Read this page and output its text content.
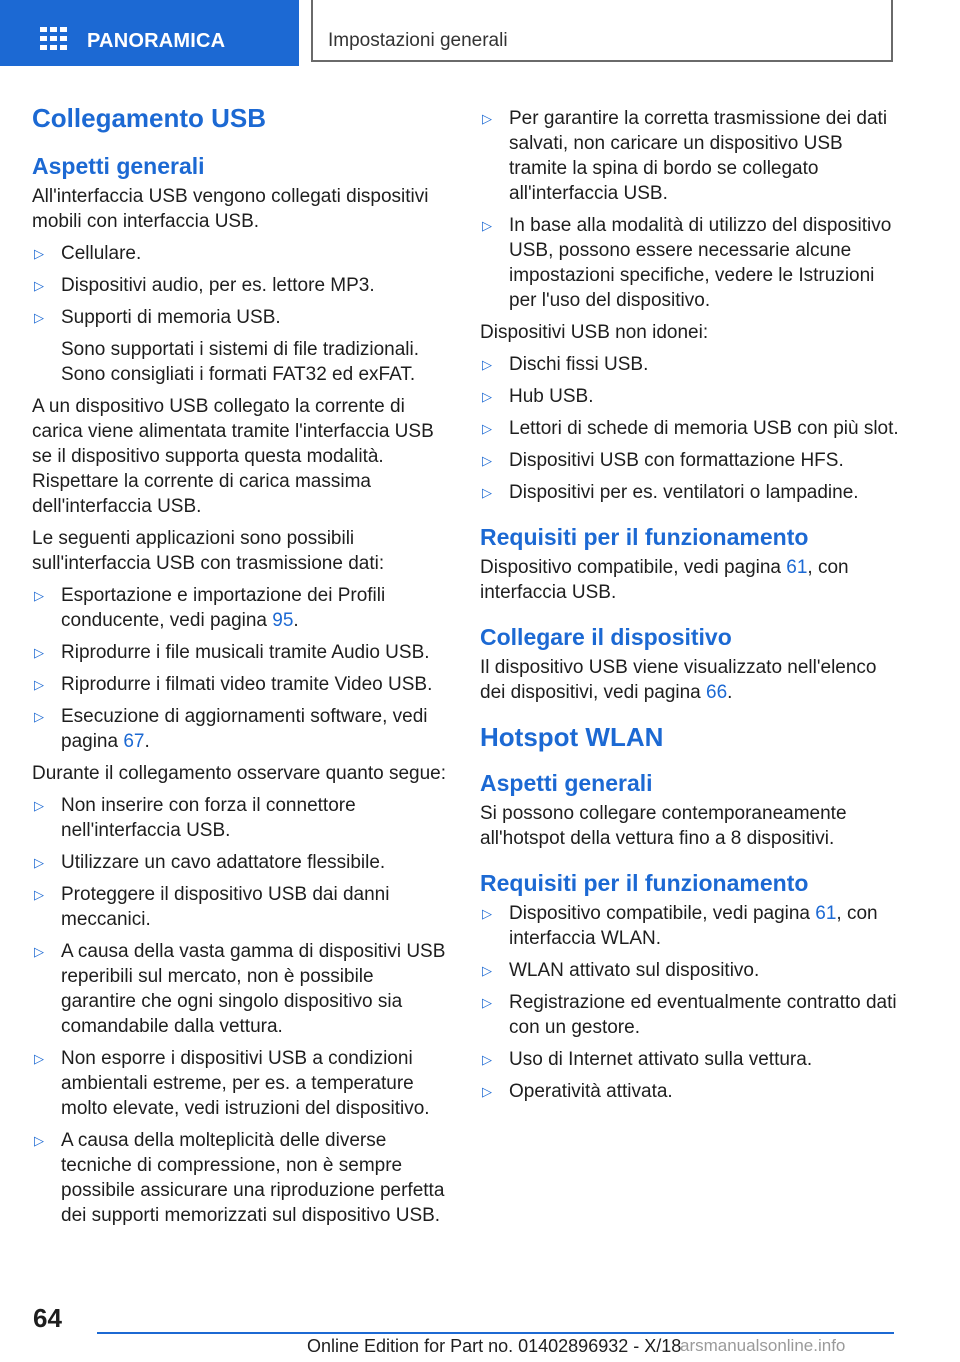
PANORAMICA	Impostazioni generali
Collegamento USB
Aspetti generali

All'interfaccia USB vengono collegati dispositivi mobili con interfaccia USB.

▷ Cellulare.
▷ Dispositivi audio, per es. lettore MP3.
▷ Supporti di memoria USB.
Sono supportati i sistemi di file tradizionali. Sono consigliati i formati FAT32 ed exFAT.

A un dispositivo USB collegato la corrente di carica viene alimentata tramite l'interfaccia USB se il dispositivo supporta questa modalità. Rispettare la corrente di carica massima dell'interfaccia USB.

Le seguenti applicazioni sono possibili sull'interfaccia USB con trasmissione dati:

▷ Esportazione e importazione dei Profili conducente, vedi pagina 95.
▷ Riprodurre i file musicali tramite Audio USB.
▷ Riprodurre i filmati video tramite Video USB.
▷ Esecuzione di aggiornamenti software, vedi pagina 67.

Durante il collegamento osservare quanto segue:

▷ Non inserire con forza il connettore nell'interfaccia USB.
▷ Utilizzare un cavo adattatore flessibile.
▷ Proteggere il dispositivo USB dai danni meccanici.
▷ A causa della vasta gamma di dispositivi USB reperibili sul mercato, non è possibile garantire che ogni singolo dispositivo sia comandabile dalla vettura.
▷ Non esporre i dispositivi USB a condizioni ambientali estreme, per es. a temperature molto elevate, vedi istruzioni del dispositivo.
▷ A causa della molteplicità delle diverse tecniche di compressione, non è sempre possibile assicurare una riproduzione perfetta dei supporti memorizzati sul dispositivo USB.
▷ Per garantire la corretta trasmissione dei dati salvati, non caricare un dispositivo USB tramite la spina di bordo se collegato all'interfaccia USB.
▷ In base alla modalità di utilizzo del dispositivo USB, possono essere necessarie alcune impostazioni specifiche, vedere le Istruzioni per l'uso del dispositivo.

Dispositivi USB non idonei:

▷ Dischi fissi USB.
▷ Hub USB.
▷ Lettori di schede di memoria USB con più slot.
▷ Dispositivi USB con formattazione HFS.
▷ Dispositivi per es. ventilatori o lampadine.
Requisiti per il funzionamento

Dispositivo compatibile, vedi pagina 61, con interfaccia USB.

Collegare il dispositivo

Il dispositivo USB viene visualizzato nell'elenco dei dispositivi, vedi pagina 66.

Hotspot WLAN
Aspetti generali

Si possono collegare contemporaneamente all'hotspot della vettura fino a 8 dispositivi.

Requisiti per il funzionamento
▷ Dispositivo compatibile, vedi pagina 61, con interfaccia WLAN.
▷ WLAN attivato sul dispositivo.
▷ Registrazione ed eventualmente contratto dati con un gestore.
▷ Uso di Internet attivato sulla vettura.
▷ Operatività attivata.
64
Online Edition for Part no. 01402896932 - X/18
arsmanualsonline.info
